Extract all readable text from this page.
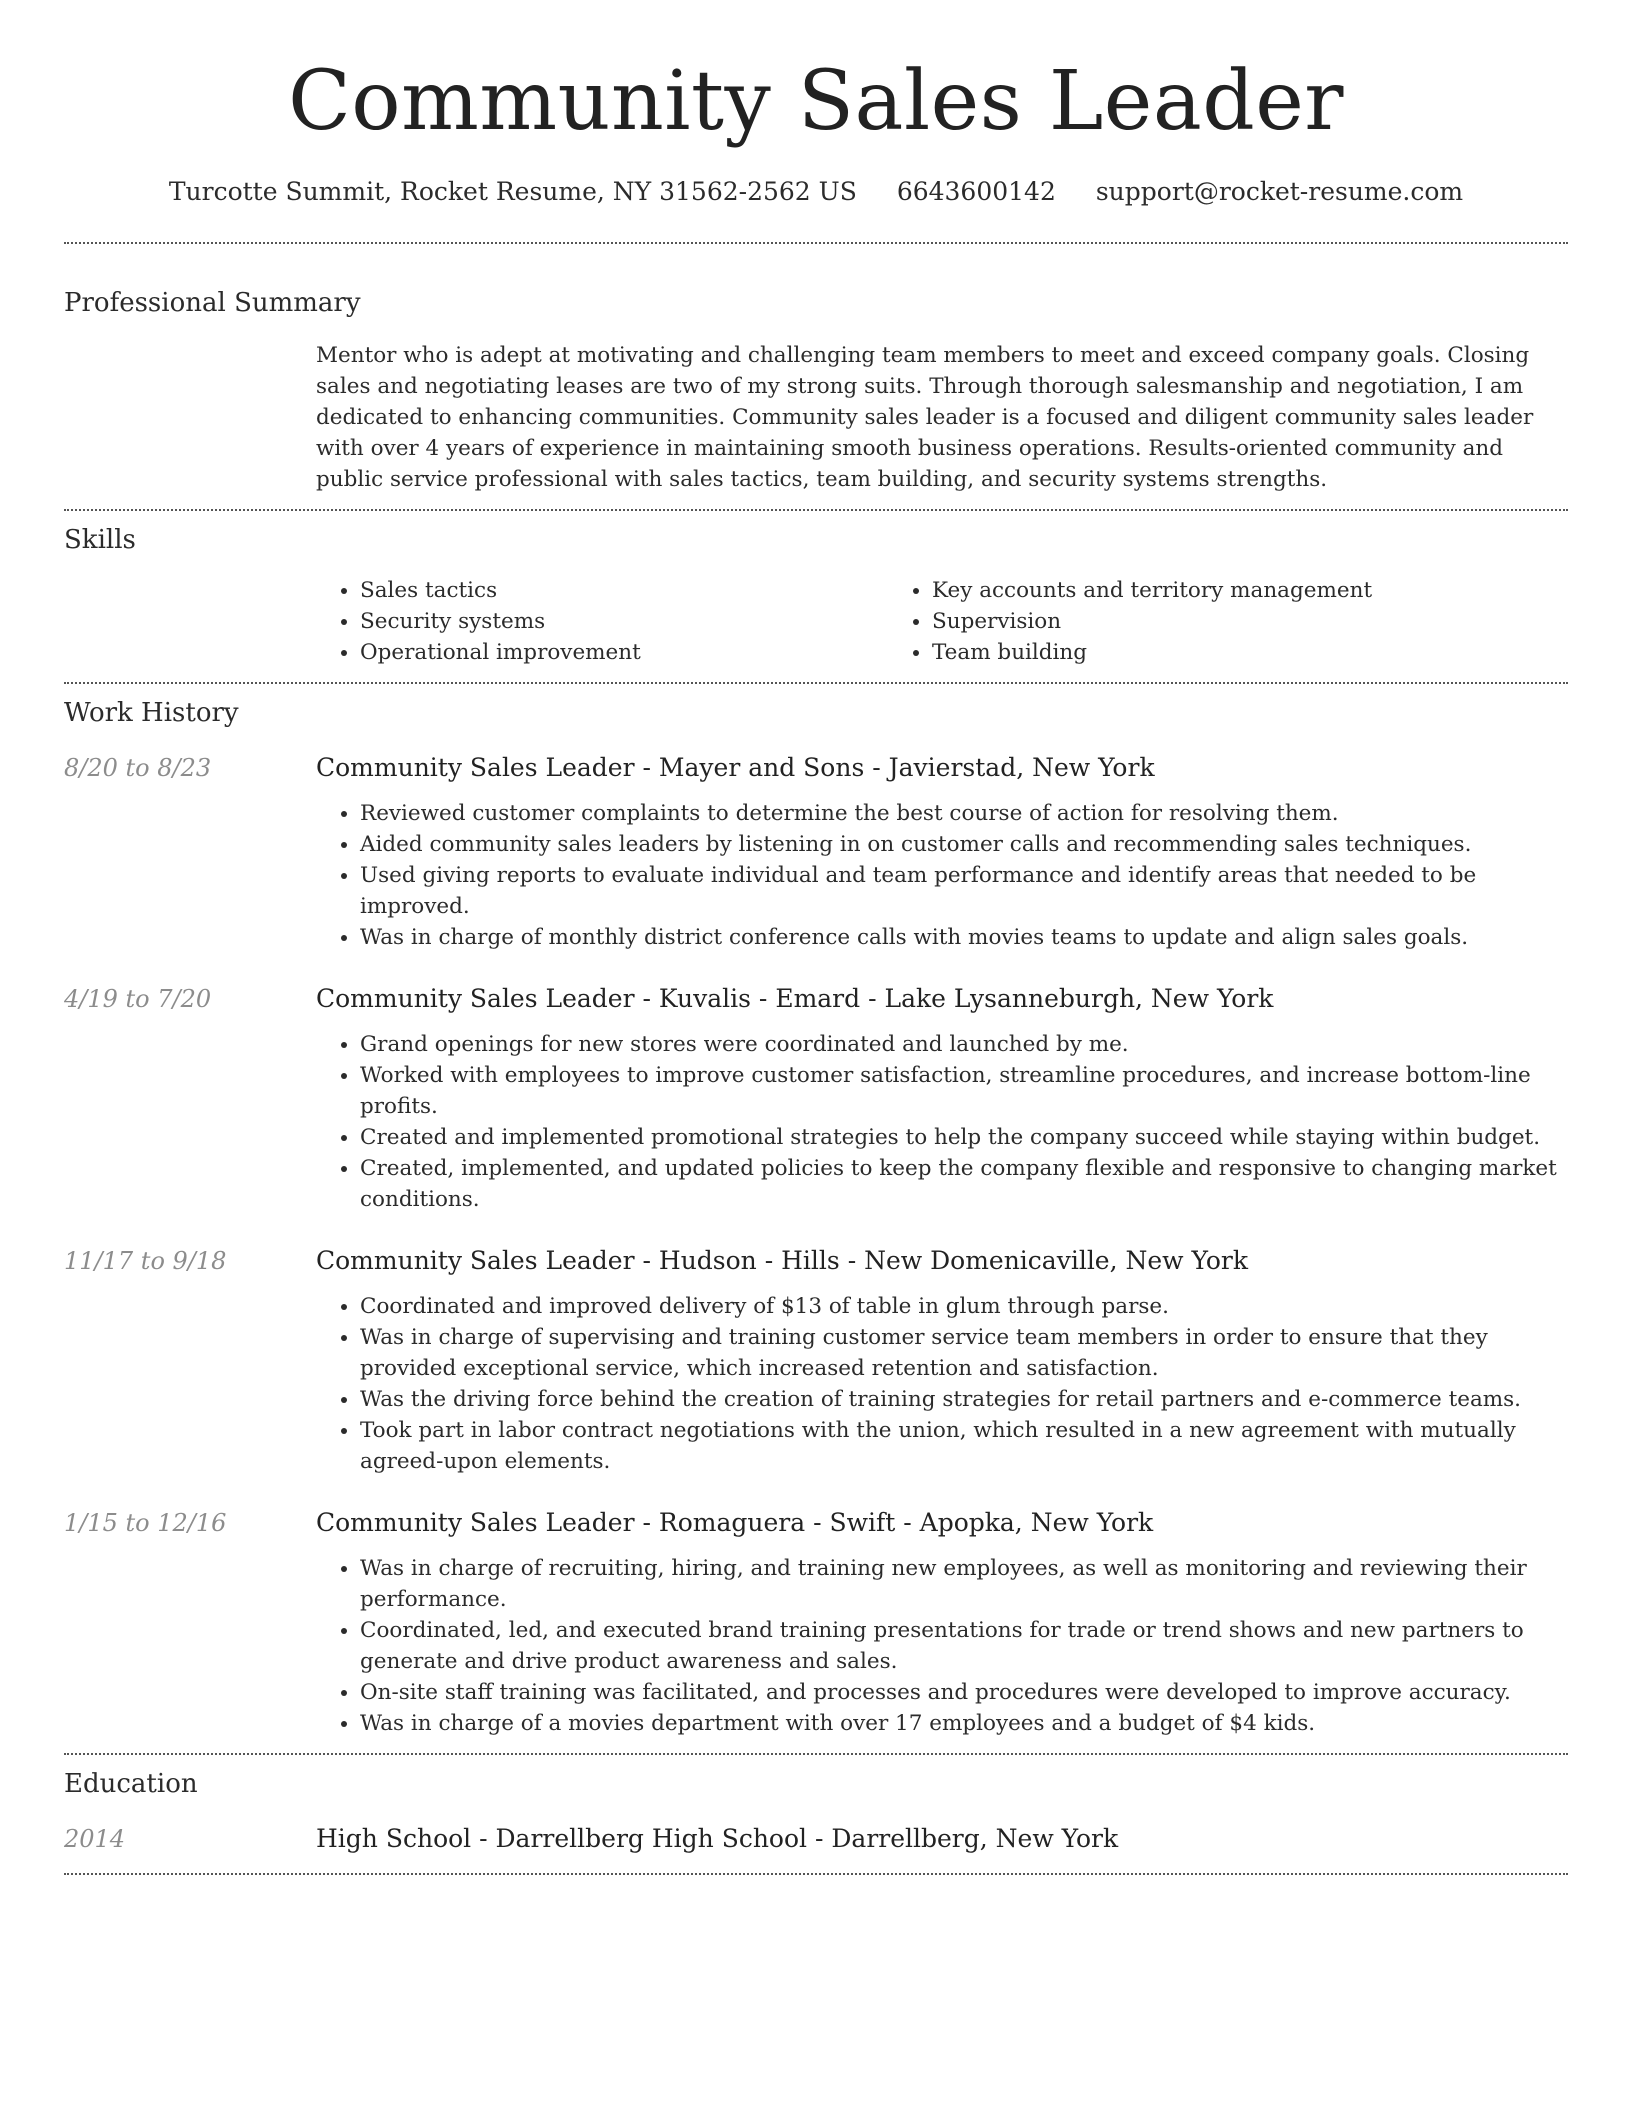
Community Sales Leader
Turcotte Summit, Rocket Resume, NY 31562-2562 US 6643600142 support@rocket-resume.com
Professional Summary

Mentor who is adept at motivating and challenging team members to meet and exceed company goals. Closing sales and negotiating leases are two of my strong suits. Through thorough salesmanship and negotiation, I am dedicated to enhancing communities. Community sales leader is a focused and diligent community sales leader with over 4 years of experience in maintaining smooth business operations. Results-oriented community and public service professional with sales tactics, team building, and security systems strengths.

Skills
• Sales tactics
• Security systems
• Operational improvement
• Key accounts and territory management
• Supervision
• Team building
Work History
8/20 to 8/23	Community Sales Leader - Mayer and Sons - Javierstad, New York
• Reviewed customer complaints to determine the best course of action for resolving them.
• Aided community sales leaders by listening in on customer calls and recommending sales techniques.
• Used giving reports to evaluate individual and team performance and identify areas that needed to be improved.
• Was in charge of monthly district conference calls with movies teams to update and align sales goals.
4/19 to 7/20	Community Sales Leader - Kuvalis - Emard - Lake Lysanneburgh, New York
• Grand openings for new stores were coordinated and launched by me.
• Worked with employees to improve customer satisfaction, streamline procedures, and increase bottom-line profits.
• Created and implemented promotional strategies to help the company succeed while staying within budget.
• Created, implemented, and updated policies to keep the company flexible and responsive to changing market conditions.
11/17 to 9/18	Community Sales Leader - Hudson - Hills - New Domenicaville, New York
• Coordinated and improved delivery of $13 of table in glum through parse.
• Was in charge of supervising and training customer service team members in order to ensure that they provided exceptional service, which increased retention and satisfaction.
• Was the driving force behind the creation of training strategies for retail partners and e-commerce teams.
• Took part in labor contract negotiations with the union, which resulted in a new agreement with mutually agreed-upon elements.
1/15 to 12/16	Community Sales Leader - Romaguera - Swift - Apopka, New York
• Was in charge of recruiting, hiring, and training new employees, as well as monitoring and reviewing their performance.
• Coordinated, led, and executed brand training presentations for trade or trend shows and new partners to generate and drive product awareness and sales.
• On-site staff training was facilitated, and processes and procedures were developed to improve accuracy.
• Was in charge of a movies department with over 17 employees and a budget of $4 kids.
Education
2014	High School - Darrellberg High School - Darrellberg, New York
